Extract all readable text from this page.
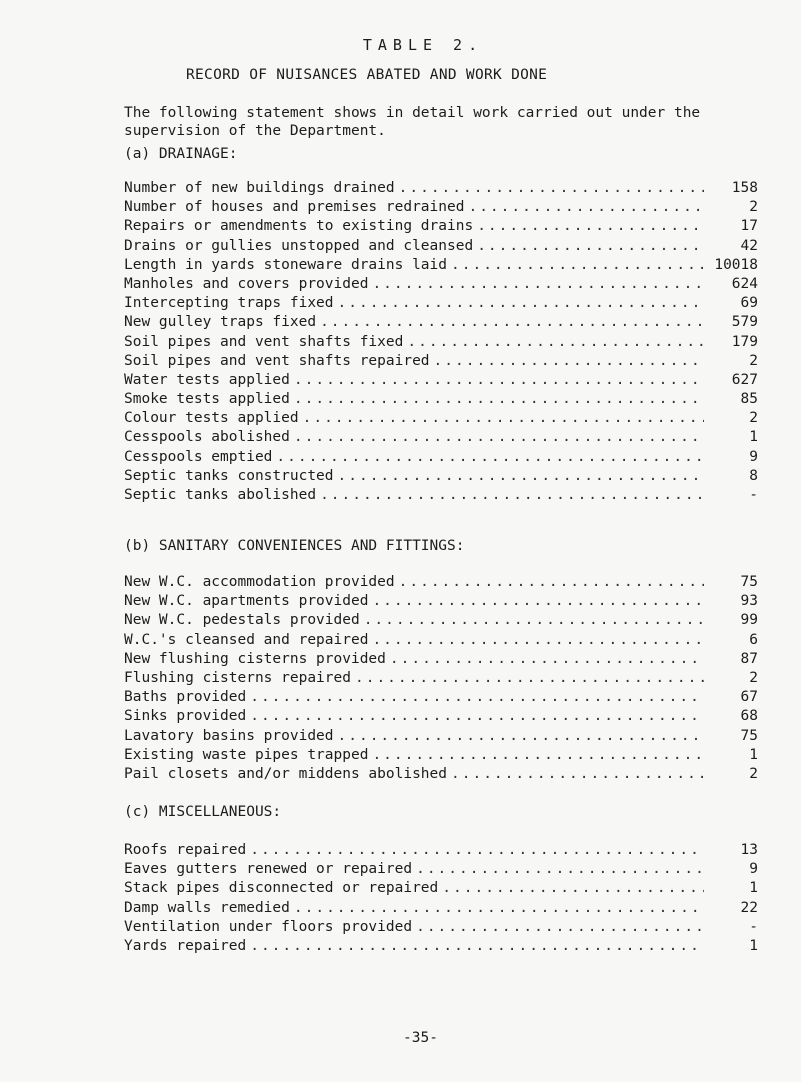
TABLE 2.
RECORD OF NUISANCES ABATED AND WORK DONE
The following statement shows in detail work carried out under the supervision of the Department.
(a) DRAINAGE:
Number of new buildings drained .....	158
Number of houses and premises redrained .....	2
Repairs or amendments to existing drains .....	17
Drains or gullies unstopped and cleansed .....	42
Length in yards stoneware drains laid .....	10018
Manholes and covers provided .....	624
Intercepting traps fixed .....	69
New gulley traps fixed .....	579
Soil pipes and vent shafts fixed .....	179
Soil pipes and vent shafts repaired .....	2
Water tests applied .....	627
Smoke tests applied .....	85
Colour tests applied .....	2
Cesspools abolished .....	1
Cesspools emptied .....	9
Septic tanks constructed .....	8
Septic tanks abolished .....	-
(b) SANITARY CONVENIENCES AND FITTINGS:
New W.C. accommodation provided .....	75
New W.C. apartments provided .....	93
New W.C. pedestals provided .....	99
W.C.'s cleansed and repaired .....	6
New flushing cisterns provided .....	87
Flushing cisterns repaired .....	2
Baths provided .....	67
Sinks provided .....	68
Lavatory basins provided .....	75
Existing waste pipes trapped .....	1
Pail closets and/or middens abolished .....	2
(c) MISCELLANEOUS:
Roofs repaired .....	13
Eaves gutters renewed or repaired .....	9
Stack pipes disconnected or repaired .....	1
Damp walls remedied .....	22
Ventilation under floors provided .....	-
Yards repaired .....	1
-35-
